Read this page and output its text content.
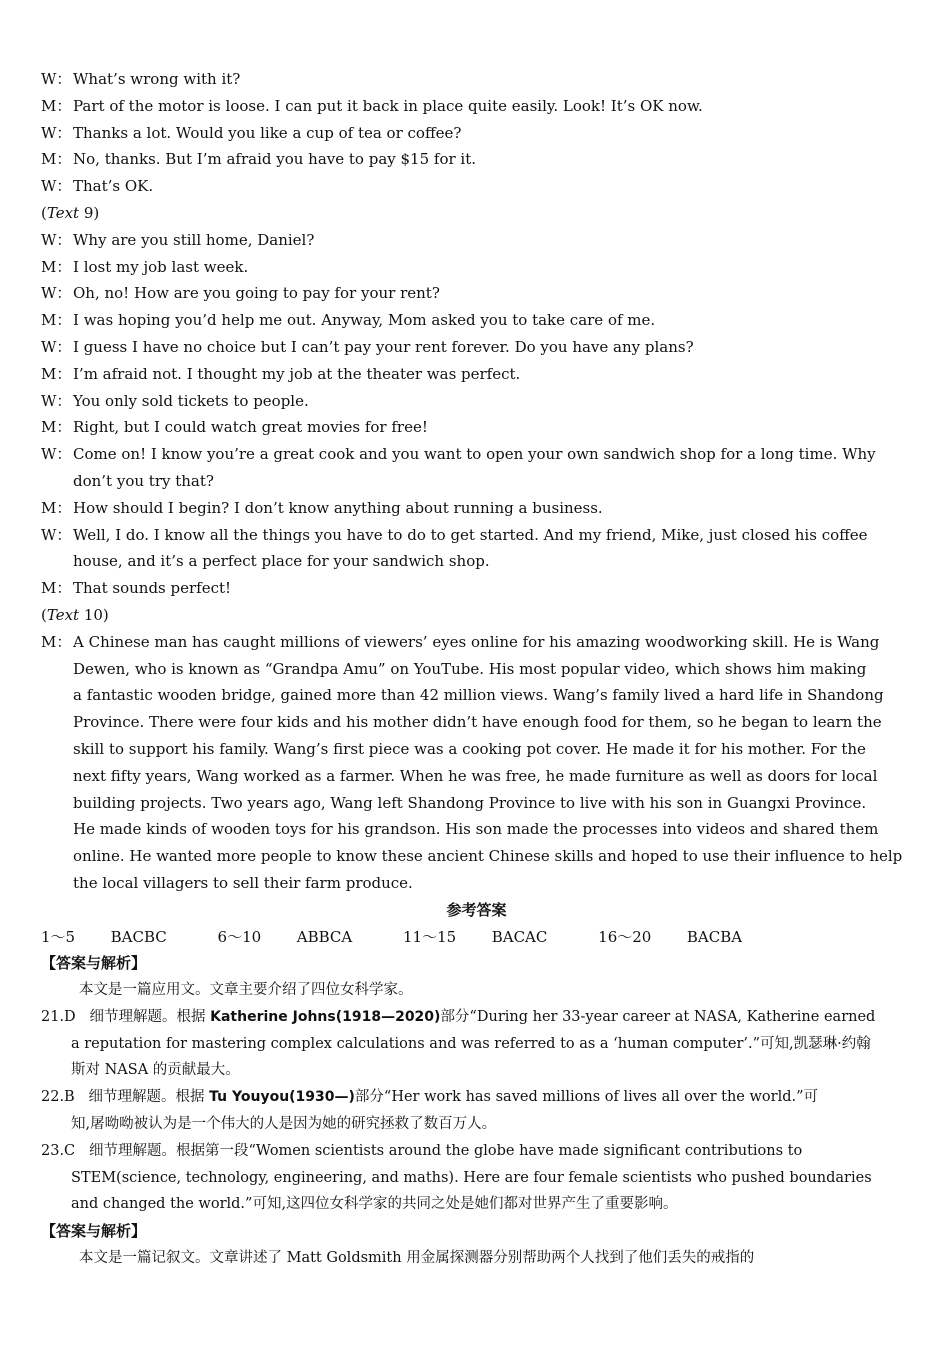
W： What’s wrong with it?
M： Part of the motor is loose. I can put it back in place quite easily. Look! It’s OK now.
W： Thanks a lot. Would you like a cup of tea or coffee?
M： No, thanks. But I’m afraid you have to pay $15 for it.
W： That’s OK.
(Text 9)
W： Why are you still home, Daniel?
M： I lost my job last week.
W： Oh, no! How are you going to pay for your rent?
M： I was hoping you’d help me out. Anyway, Mom asked you to take care of me.
W： I guess I have no choice but I can’t pay your rent forever. Do you have any plans?
M： I’m afraid not. I thought my job at the theater was perfect.
W： You only sold tickets to people.
M： Right, but I could watch great movies for free!
W： Come on! I know you’re a great cook and you want to open your own sandwich shop for a long time. Why
don’t you try that?
M： How should I begin? I don’t know anything about running a business.
W： Well, I do. I know all the things you have to do to get started. And my friend, Mike, just closed his coffee
house, and it’s a perfect place for your sandwich shop.
M： That sounds perfect!
(Text 10)
M： A Chinese man has caught millions of viewers’ eyes online for his amazing woodworking skill. He is Wang
Dewen, who is known as “Grandpa Amu” on YouTube. His most popular video, which shows him making
a fantastic wooden bridge, gained more than 42 million views. Wang’s family lived a hard life in Shandong
Province. There were four kids and his mother didn’t have enough food for them, so he began to learn the
skill to support his family. Wang’s first piece was a cooking pot cover. He made it for his mother. For the
next fifty years, Wang worked as a farmer. When he was free, he made furniture as well as doors for local
building projects. Two years ago, Wang left Shandong Province to live with his son in Guangxi Province.
He made kinds of wooden toys for his grandson. His son made the processes into videos and shared them
online. He wanted more people to know these ancient Chinese skills and hoped to use their influence to help
the local villagers to sell their farm produce.
参考答案
1～5 BACBC	6～10 ABBCA	11～15 BACAC	16～20 BACBA
【答案与解析】
本文是一篇应用文。文章主要介绍了四位女科学家。
21.D 细节理解题。根据 Katherine Johns(1918—2020)部分“During her 33-year career at NASA, Katherine earned
a reputation for mastering complex calculations and was referred to as a ‘human computer’.”可知,凯瑟琳·约翰
斯对 NASA 的贡献最大。
22.B 细节理解题。根据 Tu Youyou(1930—)部分“Her work has saved millions of lives all over the world.”可
知,屠呦呦被认为是一个伟大的人是因为她的研究拯救了数百万人。
23.C 细节理解题。根据第一段“Women scientists around the globe have made significant contributions to
STEM(science, technology, engineering, and maths). Here are four female scientists who pushed boundaries
and changed the world.”可知,这四位女科学家的共同之处是她们都对世界产生了重要影响。
【答案与解析】
本文是一篇记叙文。文章讲述了 Matt Goldsmith 用金属探测器分别帮助两个人找到了他们丢失的戒指的
